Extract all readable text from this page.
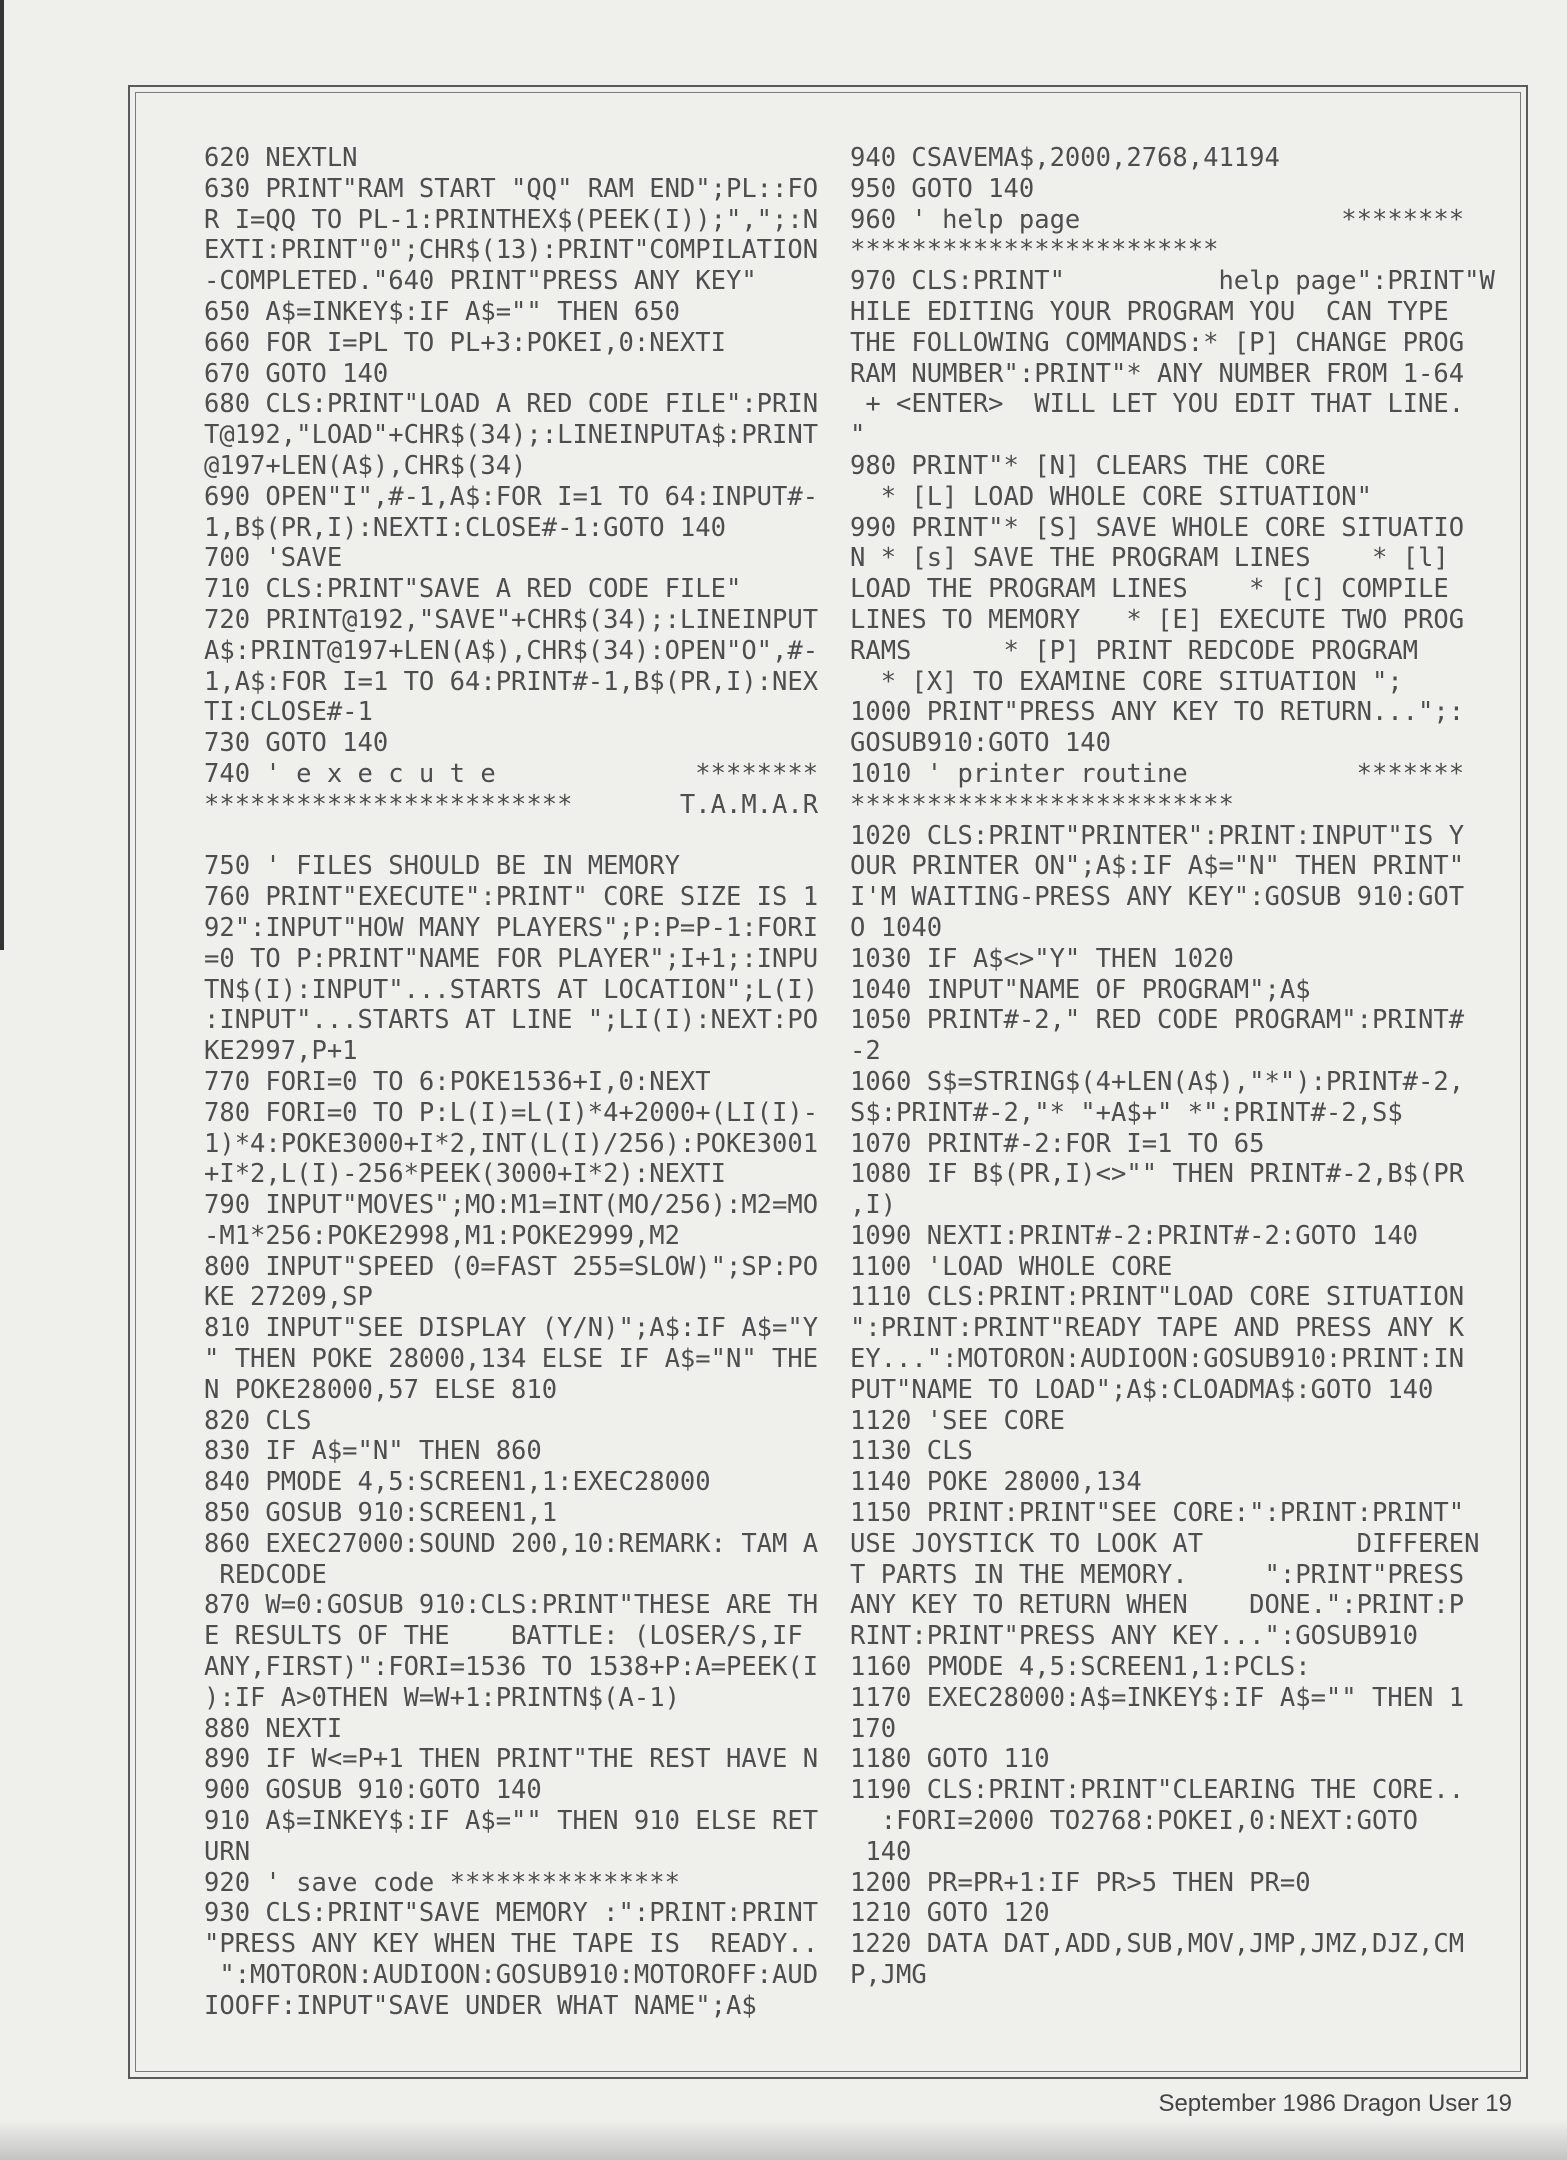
620 NEXTLN
630 PRINT"RAM START "QQ" RAM END";PL::FO
R I=QQ TO PL-1:PRINTHEX$(PEEK(I));",";:N
EXTI:PRINT"0";CHR$(13):PRINT"COMPILATION
-COMPLETED."640 PRINT"PRESS ANY KEY"
650 A$=INKEY$:IF A$="" THEN 650
660 FOR I=PL TO PL+3:POKEI,0:NEXTI
670 GOTO 140
680 CLS:PRINT"LOAD A RED CODE FILE":PRIN
T@192,"LOAD"+CHR$(34);:LINEINPUTA$:PRINT
@197+LEN(A$),CHR$(34)
690 OPEN"I",#-1,A$:FOR I=1 TO 64:INPUT#-
1,B$(PR,I):NEXTI:CLOSE#-1:GOTO 140
700 'SAVE
710 CLS:PRINT"SAVE A RED CODE FILE"
720 PRINT@192,"SAVE"+CHR$(34);:LINEINPUT
A$:PRINT@197+LEN(A$),CHR$(34):OPEN"O",#-
1,A$:FOR I=1 TO 64:PRINT#-1,B$(PR,I):NEX
TI:CLOSE#-1
730 GOTO 140
740 ' e x e c u t e             ********
************************       T.A.M.A.R
750 ' FILES SHOULD BE IN MEMORY
760 PRINT"EXECUTE":PRINT" CORE SIZE IS 1
92":INPUT"HOW MANY PLAYERS";P:P=P-1:FORI
=0 TO P:PRINT"NAME FOR PLAYER";I+1;:INPU
TN$(I):INPUT"...STARTS AT LOCATION";L(I)
:INPUT"...STARTS AT LINE ";LI(I):NEXT:PO
KE2997,P+1
770 FORI=0 TO 6:POKE1536+I,0:NEXT
780 FORI=0 TO P:L(I)=L(I)*4+2000+(LI(I)-
1)*4:POKE3000+I*2,INT(L(I)/256):POKE3001
+I*2,L(I)-256*PEEK(3000+I*2):NEXTI
790 INPUT"MOVES";MO:M1=INT(MO/256):M2=MO
-M1*256:POKE2998,M1:POKE2999,M2
800 INPUT"SPEED (0=FAST 255=SLOW)";SP:PO
KE 27209,SP
810 INPUT"SEE DISPLAY (Y/N)";A$:IF A$="Y
" THEN POKE 28000,134 ELSE IF A$="N" THE
N POKE28000,57 ELSE 810
820 CLS
830 IF A$="N" THEN 860
840 PMODE 4,5:SCREEN1,1:EXEC28000
850 GOSUB 910:SCREEN1,1
860 EXEC27000:SOUND 200,10:REMARK: TAM A
REDCODE
870 W=0:GOSUB 910:CLS:PRINT"THESE ARE TH
E RESULTS OF THE    BATTLE: (LOSER/S,IF
ANY,FIRST)":FORI=1536 TO 1538+P:A=PEEK(I
):IF A>0THEN W=W+1:PRINTN$(A-1)
880 NEXTI
890 IF W<=P+1 THEN PRINT"THE REST HAVE N
900 GOSUB 910:GOTO 140
910 A$=INKEY$:IF A$="" THEN 910 ELSE RET
URN
920 ' save code ***************
930 CLS:PRINT"SAVE MEMORY :":PRINT:PRINT
"PRESS ANY KEY WHEN THE TAPE IS  READY..
":MOTORON:AUDIOON:GOSUB910:MOTOROFF:AUD
IOOFF:INPUT"SAVE UNDER WHAT NAME";A$
940 CSAVEMA$,2000,2768,41194
950 GOTO 140
960 ' help page                 ********
************************
970 CLS:PRINT"          help page":PRINT"W
HILE EDITING YOUR PROGRAM YOU  CAN TYPE
THE FOLLOWING COMMANDS:* [P] CHANGE PROG
RAM NUMBER":PRINT"* ANY NUMBER FROM 1-64
+ <ENTER>  WILL LET YOU EDIT THAT LINE.
"
980 PRINT"* [N] CLEARS THE CORE
* [L] LOAD WHOLE CORE SITUATION"
990 PRINT"* [S] SAVE WHOLE CORE SITUATIO
N * [s] SAVE THE PROGRAM LINES    * [l]
LOAD THE PROGRAM LINES    * [C] COMPILE
LINES TO MEMORY   * [E] EXECUTE TWO PROG
RAMS      * [P] PRINT REDCODE PROGRAM
* [X] TO EXAMINE CORE SITUATION ";
1000 PRINT"PRESS ANY KEY TO RETURN...";:
GOSUB910:GOTO 140
1010 ' printer routine           *******
*************************
1020 CLS:PRINT"PRINTER":PRINT:INPUT"IS Y
OUR PRINTER ON";A$:IF A$="N" THEN PRINT"
I'M WAITING-PRESS ANY KEY":GOSUB 910:GOT
O 1040
1030 IF A$<>"Y" THEN 1020
1040 INPUT"NAME OF PROGRAM";A$
1050 PRINT#-2," RED CODE PROGRAM":PRINT#
-2
1060 S$=STRING$(4+LEN(A$),"*"):PRINT#-2,
S$:PRINT#-2,"* "+A$+" *":PRINT#-2,S$
1070 PRINT#-2:FOR I=1 TO 65
1080 IF B$(PR,I)<>"" THEN PRINT#-2,B$(PR
,I)
1090 NEXTI:PRINT#-2:PRINT#-2:GOTO 140
1100 'LOAD WHOLE CORE
1110 CLS:PRINT:PRINT"LOAD CORE SITUATION
":PRINT:PRINT"READY TAPE AND PRESS ANY K
EY...":MOTORON:AUDIOON:GOSUB910:PRINT:IN
PUT"NAME TO LOAD";A$:CLOADMA$:GOTO 140
1120 'SEE CORE
1130 CLS
1140 POKE 28000,134
1150 PRINT:PRINT"SEE CORE:":PRINT:PRINT"
USE JOYSTICK TO LOOK AT          DIFFEREN
T PARTS IN THE MEMORY.     ":PRINT"PRESS
ANY KEY TO RETURN WHEN    DONE.":PRINT:P
RINT:PRINT"PRESS ANY KEY...":GOSUB910
1160 PMODE 4,5:SCREEN1,1:PCLS:
1170 EXEC28000:A$=INKEY$:IF A$="" THEN 1
170
1180 GOTO 110
1190 CLS:PRINT:PRINT"CLEARING THE CORE..
:FORI=2000 TO2768:POKEI,0:NEXT:GOTO
140
1200 PR=PR+1:IF PR>5 THEN PR=0
1210 GOTO 120
1220 DATA DAT,ADD,SUB,MOV,JMP,JMZ,DJZ,CM
P,JMG
September 1986 Dragon User 19
